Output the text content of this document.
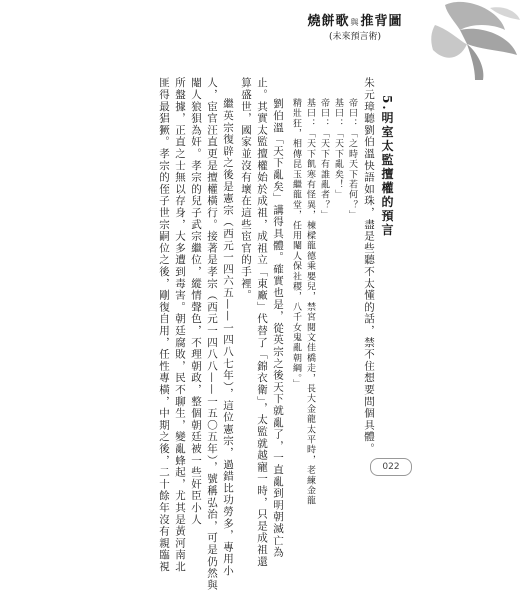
燒餅歌與推背圖
(未來預言術)
5.明室太監擅權的預言
朱元璋聽劉伯溫快語如珠，盡是些聽不太懂的話，禁不住想要問個具體。
帝曰：「之時天下若何？」
基曰：「天下亂矣！」
帝曰：「天下有誰亂者？」
基曰：「天下飢寒有怪異，棟樑龍德乘嬰兒，禁宮閱文佳橋走，長大金龍太平時，老練金龍
精壯狂，相傳昆玉繼龍堂，任用閹人保社稷，八千女鬼亂朝綱。」
劉伯溫「天下亂矣」講得具體。確實也是，從英宗之後天下就亂了，一直亂到明朝滅亡為
止。其實太監擅權始於成祖，成祖立「東廠」代替了「錦衣衛」，太監就越寵一時，只是成祖還
算盛世，國家並沒有壞在這些宦官的手裡。
繼英宗復辟之後是憲宗（西元一四六五——一四八七年），這位憲宗，過錯比功勞多，專用小
人，宦官汪直更是擅權橫行。接著是孝宗（西元一四八八——一五〇五年），號稱弘治，可是仍然與
閹人狼狽為奸。孝宗的兒子武宗繼位，縱情聲色，不理朝政，整個朝廷被一些奸臣小人
所盤據，正直之士無以存身，大多遭到毒害。朝廷腐敗，民不聊生，變亂蜂起，尤其是黃河南北
匪得最猖獗。孝宗的侄子世宗嗣位之後，剛復自用，任性專橫，中期之後，二十餘年沒有親臨視	022
